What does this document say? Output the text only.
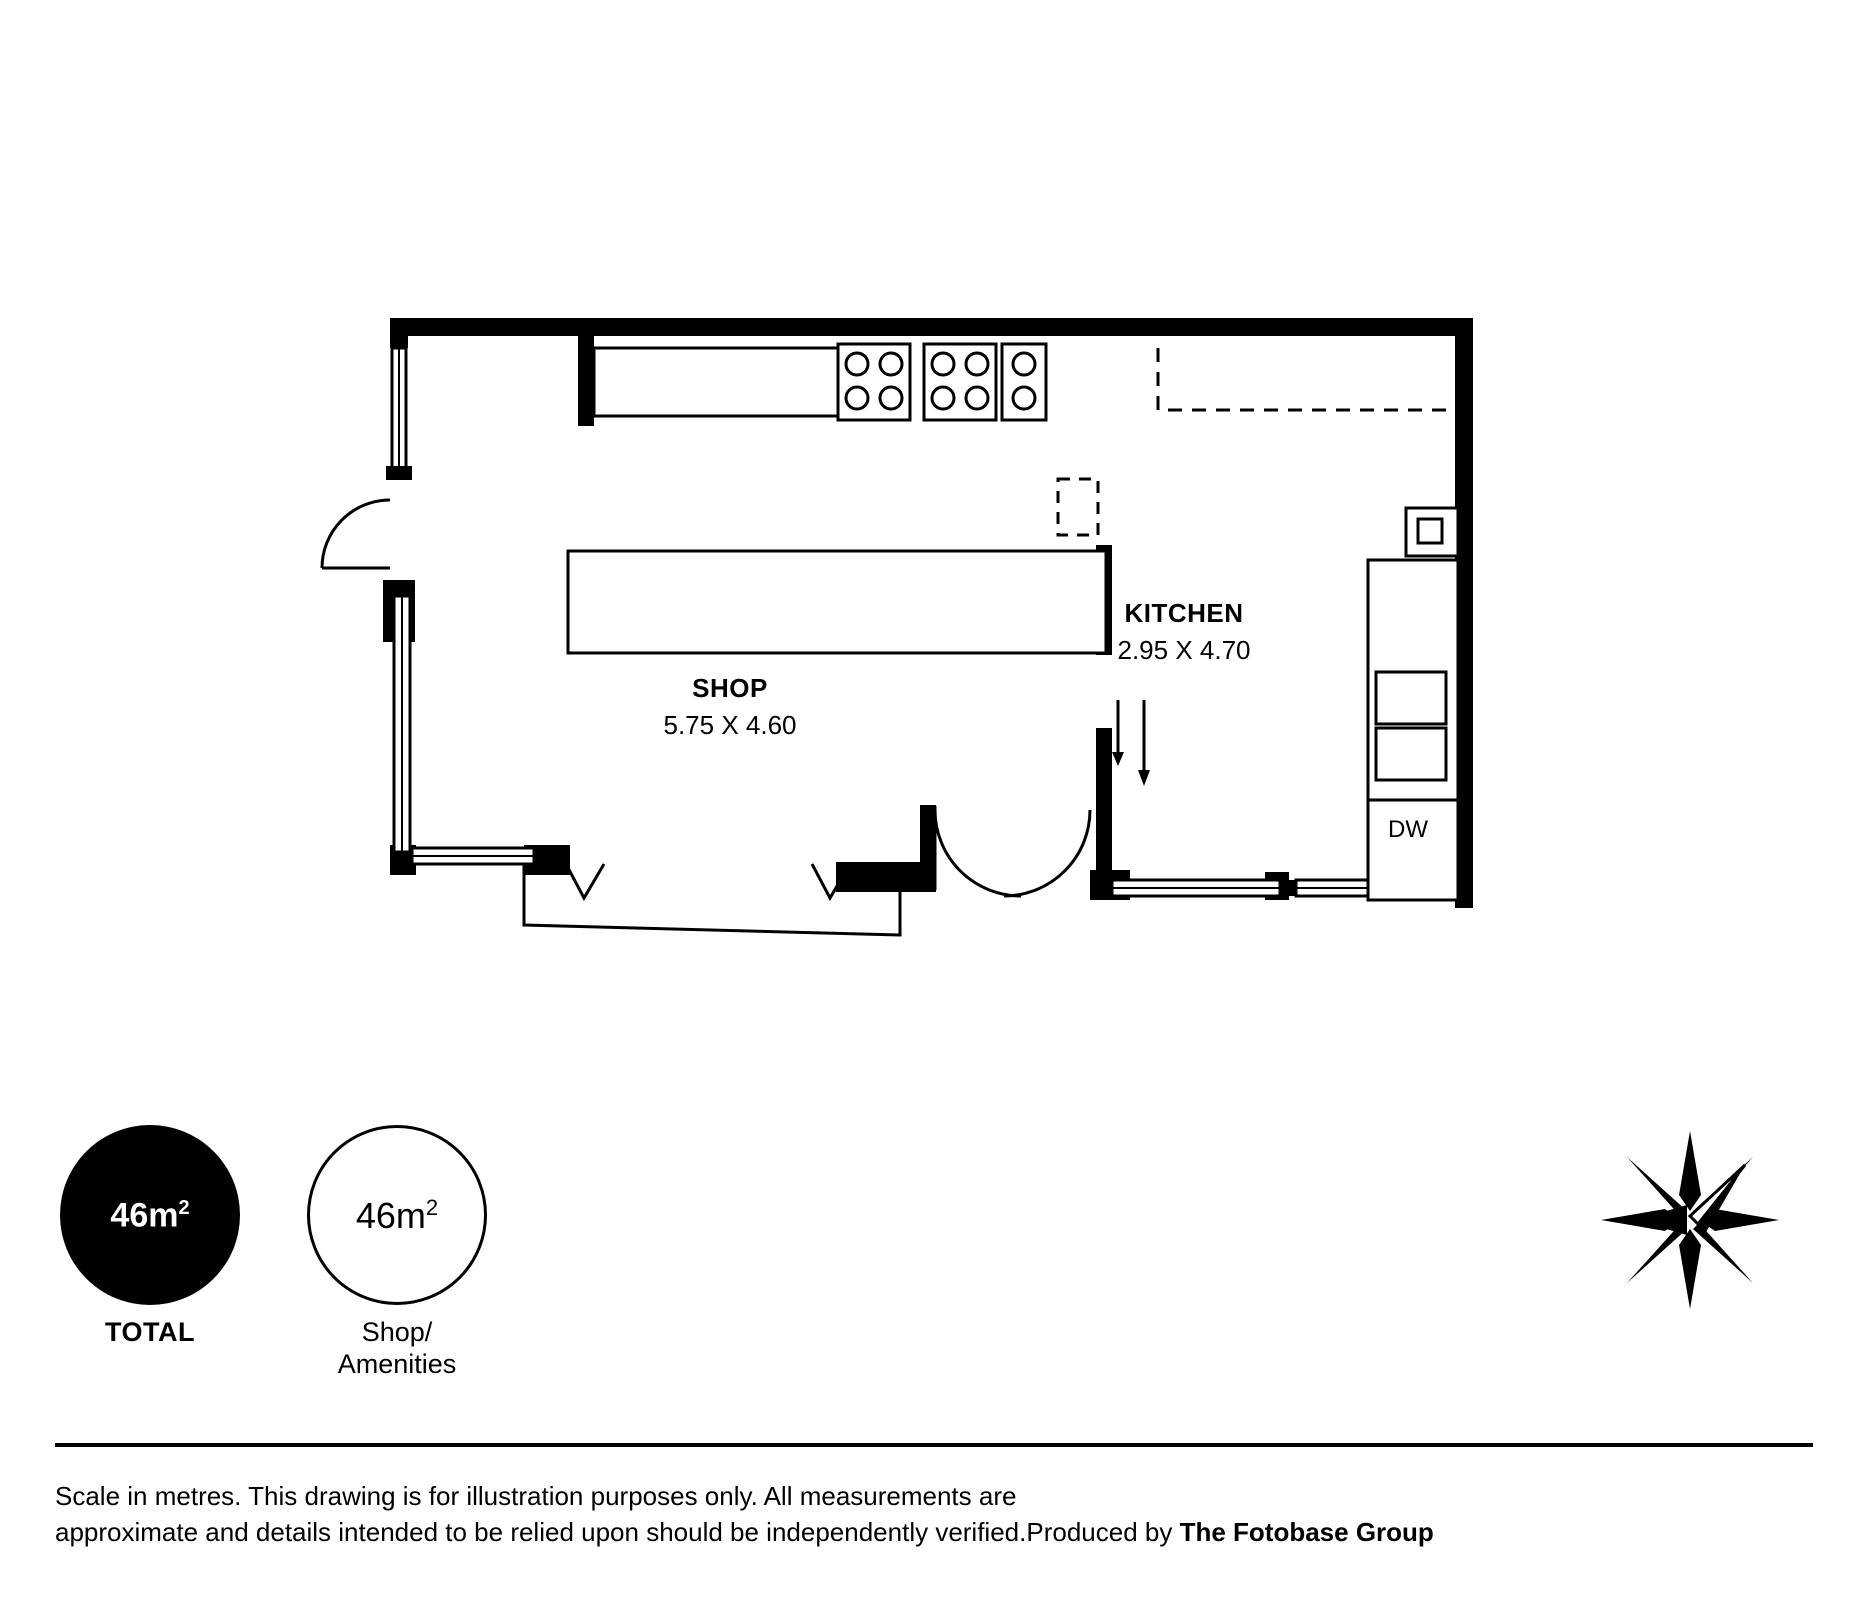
SHOP
5.75 X 4.60
KITCHEN
2.95 X 4.70
DW
$46m^2$
TOTAL
$46m^2$
Shop/
Amenities
N
Scale in metres. This drawing is for illustration purposes only. All measurements are
approximate and details intended to be relied upon should be independently verified.Produced by The Fotobase Group
